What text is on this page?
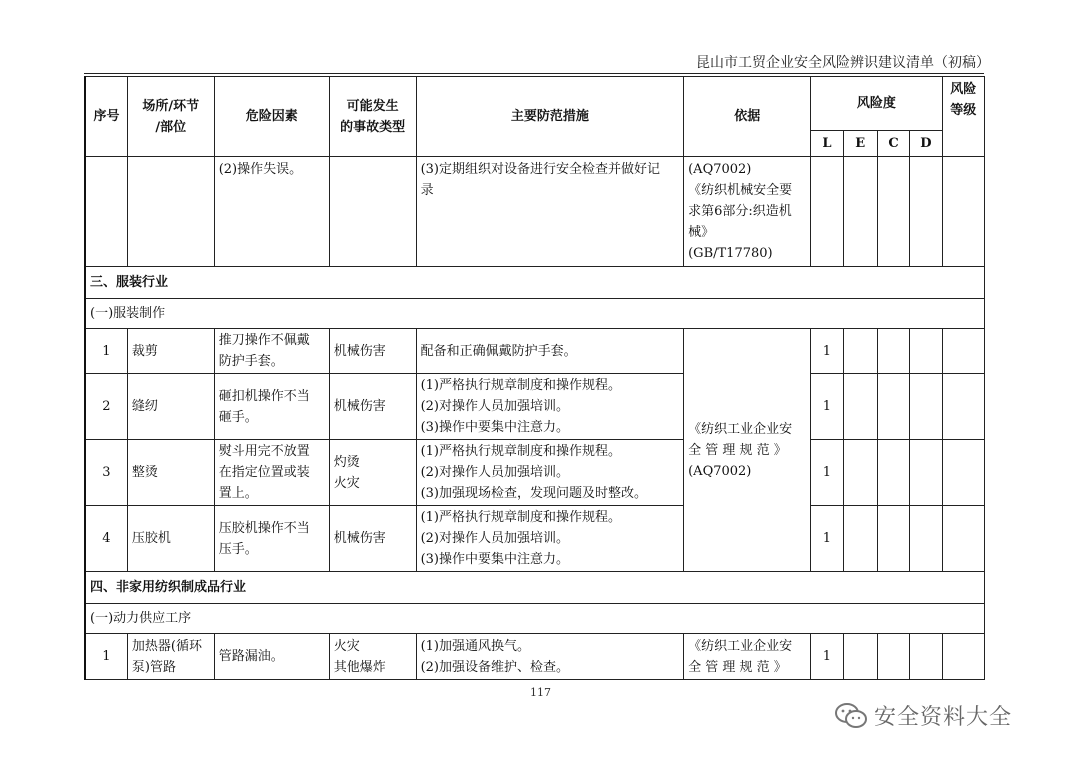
昆山市工贸企业安全风险辨识建议清单（初稿）
序号	场所/环节
/部位	危险因素	可能发生
的事故类型	主要防范措施	依据	风险度				风险
等级

						L	E	C	D	
		(2)操作失误。		(3)定期组织对设备进行安全检查并做好记
录	(AQ7002)
《纺织机械安全要
求第6部分:织造机
械》
(GB/T17780)					

三、服装行业										
(一)服装制作										
1	裁剪	推刀操作不佩戴
防护手套。	机械伤害	配备和正确佩戴防护手套。	《纺织工业企业安
全 管 理 规 范 》
(AQ7002)	1				
2	缝纫	砸扣机操作不当
砸手。	机械伤害	(1)严格执行规章制度和操作规程。
(2)对操作人员加强培训。
(3)操作中要集中注意力。		1				
3	整烫	熨斗用完不放置
在指定位置或装
置上。	灼烫
火灾	(1)严格执行规章制度和操作规程。
(2)对操作人员加强培训。
(3)加强现场检查，发现问题及时整改。		1				
4	压胶机	压胶机操作不当
压手。	机械伤害	(1)严格执行规章制度和操作规程。
(2)对操作人员加强培训。
(3)操作中要集中注意力。		1				
四、非家用纺织制成品行业										
(一)动力供应工序										
1	加热器(循环
泵)管路	管路漏油。	火灾
其他爆炸	(1)加强通风换气。
(2)加强设备维护、检查。	《纺织工业企业安
全 管 理 规 范 》	1				
117
安全资料大全
